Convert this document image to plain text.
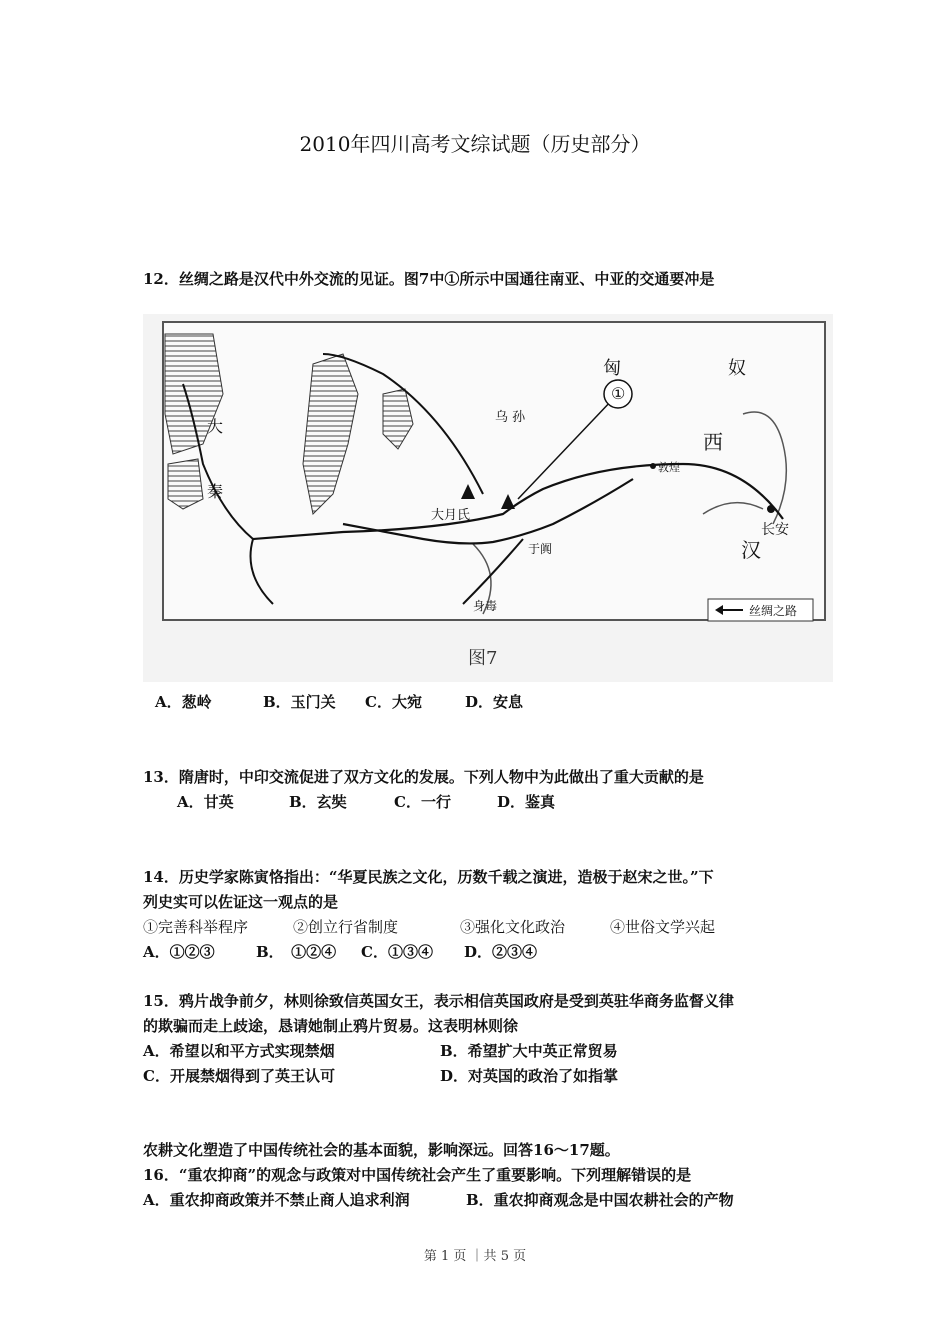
2010年四川高考文综试题（历史部分）
12．丝绸之路是汉代中外交流的见证。图7中①所示中国通往南亚、中亚的交通要冲是
匈	奴
西
汉
长安
大
秦
大月氏
于阗
身毒
敦煌
乌 孙
①
丝绸之路
图7
A．葱岭	B．玉门关 C．大宛	D．安息
13．隋唐时，中印交流促进了双方文化的发展。下列人物中为此做出了重大贡献的是
A．甘英	B．玄奘	C．一行	D．鉴真
14．历史学家陈寅恪指出：“华夏民族之文化，历数千载之演进，造极于赵宋之世。”下
列史实可以佐证这一观点的是
①完善科举程序	②创立行省制度	③强化文化政治	④世俗文学兴起
A．①②③	B．　①②④ C．①③④ D．②③④
15．鸦片战争前夕，林则徐致信英国女王，表示相信英国政府是受到英驻华商务监督义律
的欺骗而走上歧途，恳请她制止鸦片贸易。这表明林则徐
A．希望以和平方式实现禁烟	B．希望扩大中英正常贸易
C．开展禁烟得到了英王认可	D．对英国的政治了如指掌
农耕文化塑造了中国传统社会的基本面貌，影响深远。回答16～17题。
16．“重农抑商”的观念与政策对中国传统社会产生了重要影响。下列理解错误的是
A．重农抑商政策并不禁止商人追求利润	B．重农抑商观念是中国农耕社会的产物
第 1 页 ｜共 5 页
